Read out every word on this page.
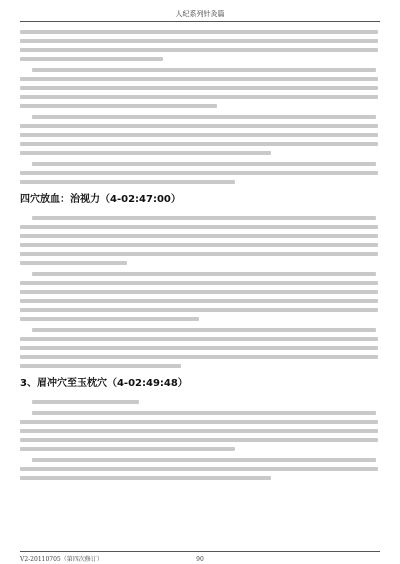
人纪系列针灸篇
四穴放血：治视力（4-02:47:00）
3、眉冲穴至玉枕穴（4-02:49:48）
V2-20110705（第四次修订）	90
